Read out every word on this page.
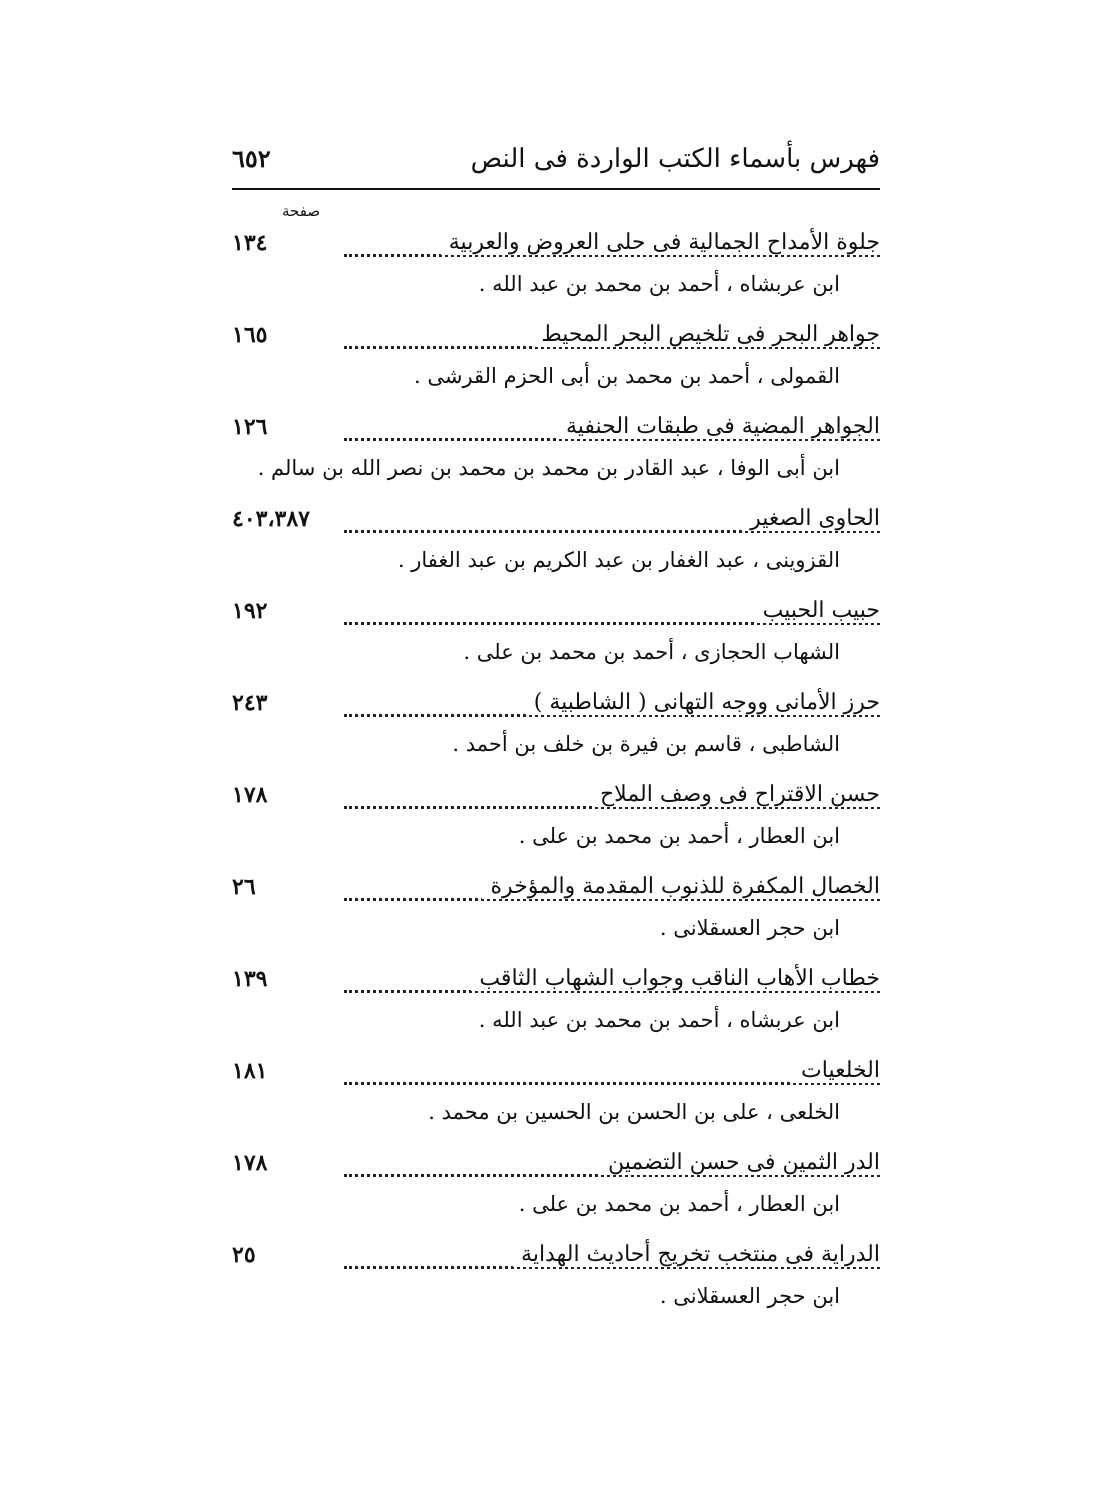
فهرس بأسماء الكتب الواردة فى النص
٦٥٢
صفحة
جلوة الأمداح الجمالية فى حلى العروض والعربية
١٣٤
ابن عربشاه ، أحمد بن محمد بن عبد الله .
جواهر البحر فى تلخيص البحر المحيط
١٦٥
القمولى ، أحمد بن محمد بن أبى الحزم القرشى .
الجواهر المضية فى طبقات الحنفية
١٢٦
ابن أبى الوفا ، عبد القادر بن محمد بن محمد بن نصر الله بن سالم .
الحاوى الصغير
٤٠٣،٣٨٧
القزوينى ، عبد الغفار بن عبد الكريم بن عبد الغفار .
حبيب الحبيب
١٩٢
الشهاب الحجازى ، أحمد بن محمد بن على .
حرز الأمانى ووجه التهانى ( الشاطبية )
٢٤٣
الشاطبى ، قاسم بن فيرة بن خلف بن أحمد .
حسن الاقتراح فى وصف الملاح
١٧٨
ابن العطار ، أحمد بن محمد بن على .
الخصال المكفرة للذنوب المقدمة والمؤخرة
٢٦
ابن حجر العسقلانى .
خطاب الأهاب الناقب وجواب الشهاب الثاقب
١٣٩
ابن عربشاه ، أحمد بن محمد بن عبد الله .
الخلعيات
١٨١
الخلعى ، على بن الحسن بن الحسين بن محمد .
الدر الثمين فى حسن التضمين
١٧٨
ابن العطار ، أحمد بن محمد بن على .
الدراية فى منتخب تخريج أحاديث الهداية
٢٥
ابن حجر العسقلانى .
